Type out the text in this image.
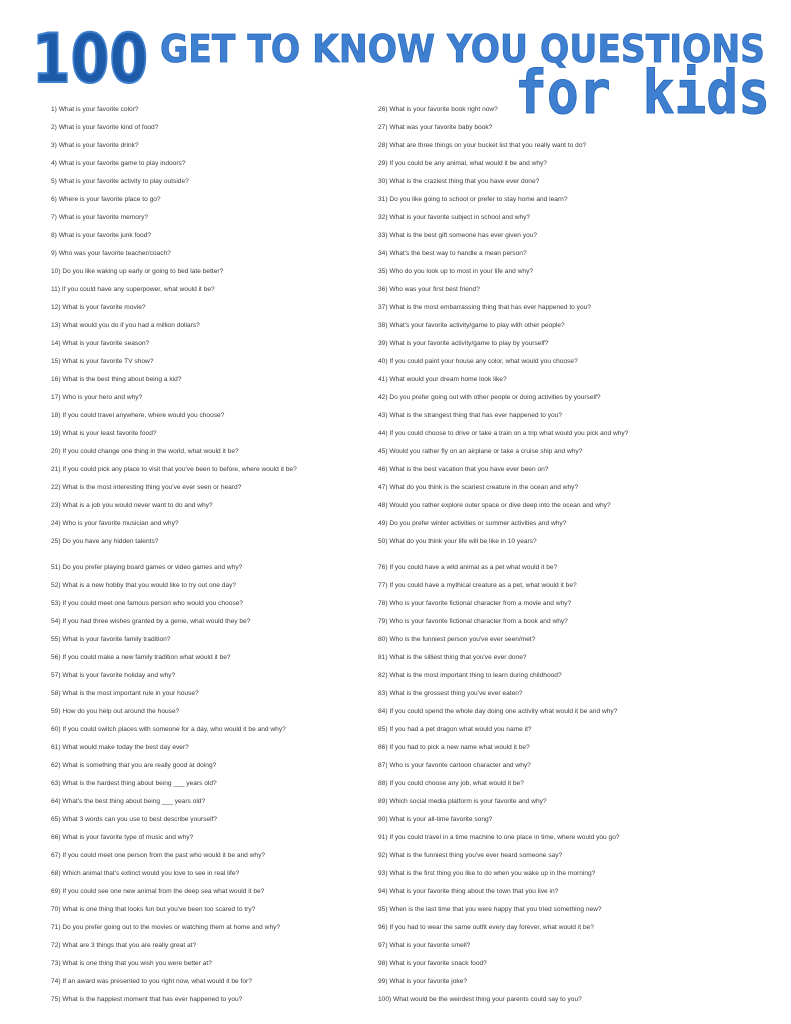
100 GET TO KNOW YOU QUESTIONS
for kids
1) What is your favorite color?
2) What is your favorite kind of food?
3) What is your favorite drink?
4) What is your favorite game to play indoors?
5) What is your favorite activity to play outside?
6) Where is your favorite place to go?
7) What is your favorite memory?
8) What is your favorite junk food?
9) Who was your favorite teacher/coach?
10) Do you like waking up early or going to bed late better?
11) If you could have any superpower, what would it be?
12) What is your favorite movie?
13) What would you do if you had a million dollars?
14) What is your favorite season?
15) What is your favorite TV show?
16) What is the best thing about being a kid?
17) Who is your hero and why?
18) If you could travel anywhere, where would you choose?
19) What is your least favorite food?
20) If you could change one thing in the world, what would it be?
21) If you could pick any place to visit that you've been to before, where would it be?
22) What is the most interesting thing you've ever seen or heard?
23) What is a job you would never want to do and why?
24) Who is your favorite musician and why?
25) Do you have any hidden talents?
26) What is your favorite book right now?
27) What was your favorite baby book?
28) What are three things on your bucket list that you really want to do?
29) If you could be any animal, what would it be and why?
30) What is the craziest thing that you have ever done?
31) Do you like going to school or prefer to stay home and learn?
32) What is your favorite subject in school and why?
33) What is the best gift someone has ever given you?
34) What's the best way to handle a mean person?
35) Who do you look up to most in your life and why?
36) Who was your first best friend?
37) What is the most embarrassing thing that has ever happened to you?
38) What's your favorite activity/game to play with other people?
39) What is your favorite activity/game to play by yourself?
40) If you could paint your house any color, what would you choose?
41) What would your dream home look like?
42) Do you prefer going out with other people or doing activities by yourself?
43) What is the strangest thing that has ever happened to you?
44) If you could choose to drive or take a train on a trip what would you pick and why?
45) Would you rather fly on an airplane or take a cruise ship and why?
46) What is the best vacation that you have ever been on?
47) What do you think is the scariest creature in the ocean and why?
48) Would you rather explore outer space or dive deep into the ocean and why?
49) Do you prefer winter activities or summer activities and why?
50) What do you think your life will be like in 10 years?
51) Do you prefer playing board games or video games and why?
52) What is a new hobby that you would like to try out one day?
53) If you could meet one famous person who would you choose?
54) If you had three wishes granted by a genie, what would they be?
55) What is your favorite family tradition?
56) If you could make a new family tradition what would it be?
57) What is your favorite holiday and why?
58) What is the most important rule in your house?
59) How do you help out around the house?
60) If you could switch places with someone for a day, who would it be and why?
61) What would make today the best day ever?
62) What is something that you are really good at doing?
63) What is the hardest thing about being ___ years old?
64) What's the best thing about being ___ years old?
65) What 3 words can you use to best describe yourself?
66) What is your favorite type of music and why?
67) If you could meet one person from the past who would it be and why?
68) Which animal that's extinct would you love to see in real life?
69) If you could see one new animal from the deep sea what would it be?
70) What is one thing that looks fun but you've been too scared to try?
71) Do you prefer going out to the movies or watching them at home and why?
72) What are 3 things that you are really great at?
73) What is one thing that you wish you were better at?
74) If an award was presented to you right now, what would it be for?
75) What is the happiest moment that has ever happened to you?
76) If you could have a wild animal as a pet what would it be?
77) If you could have a mythical creature as a pet, what would it be?
78) Who is your favorite fictional character from a movie and why?
79) Who is your favorite fictional character from a book and why?
80) Who is the funniest person you've ever seen/met?
81) What is the silliest thing that you've ever done?
82) What is the most important thing to learn during childhood?
83) What is the grossest thing you've ever eaten?
84) If you could spend the whole day doing one activity what would it be and why?
85) If you had a pet dragon what would you name it?
86) If you had to pick a new name what would it be?
87) Who is your favorite cartoon character and why?
88) If you could choose any job, what would it be?
89) Which social media platform is your favorite and why?
90) What is your all-time favorite song?
91) If you could travel in a time machine to one place in time, where would you go?
92) What is the funniest thing you've ever heard someone say?
93) What is the first thing you like to do when you wake up in the morning?
94) What is your favorite thing about the town that you live in?
95) When is the last time that you were happy that you tried something new?
96) If you had to wear the same outfit every day forever, what would it be?
97) What is your favorite smell?
98) What is your favorite snack food?
99) What is your favorite joke?
100) What would be the weirdest thing your parents could say to you?
